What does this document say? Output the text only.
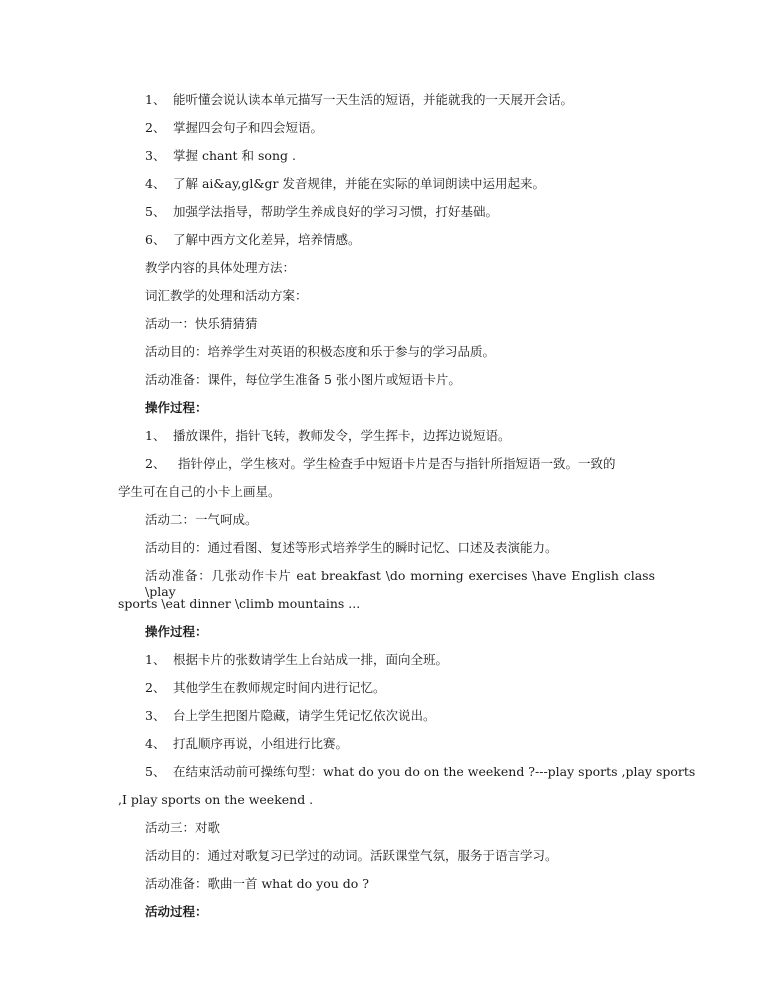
1、 能听懂会说认读本单元描写一天生活的短语，并能就我的一天展开会话。
2、 掌握四会句子和四会短语。
3、 掌握 chant 和 song .
4、 了解 ai&ay,gl&gr 发音规律，并能在实际的单词朗读中运用起来。
5、 加强学法指导，帮助学生养成良好的学习习惯，打好基础。
6、 了解中西方文化差异，培养情感。
教学内容的具体处理方法：
词汇教学的处理和活动方案：
活动一：快乐猜猜猜
活动目的：培养学生对英语的积极态度和乐于参与的学习品质。
活动准备：课件，每位学生准备 5 张小图片或短语卡片。
操作过程：
1、 播放课件，指针飞转，教师发令，学生挥卡，边挥边说短语。
2、 指针停止，学生核对。学生检查手中短语卡片是否与指针所指短语一致。一致的
学生可在自己的小卡上画星。
活动二：一气呵成。
活动目的：通过看图、复述等形式培养学生的瞬时记忆、口述及表演能力。
活动准备：几张动作卡片 eat breakfast \do morning exercises \have English class \play
sports \eat dinner \climb mountains ...
操作过程：
1、 根据卡片的张数请学生上台站成一排，面向全班。
2、 其他学生在教师规定时间内进行记忆。
3、 台上学生把图片隐藏，请学生凭记忆依次说出。
4、 打乱顺序再说，小组进行比赛。
5、 在结束活动前可操练句型：what do you do on the weekend ?---play sports ,play sports
,I play sports on the weekend .
活动三：对歌
活动目的：通过对歌复习已学过的动词。活跃课堂气氛，服务于语言学习。
活动准备：歌曲一首 what do you do ?
活动过程：
